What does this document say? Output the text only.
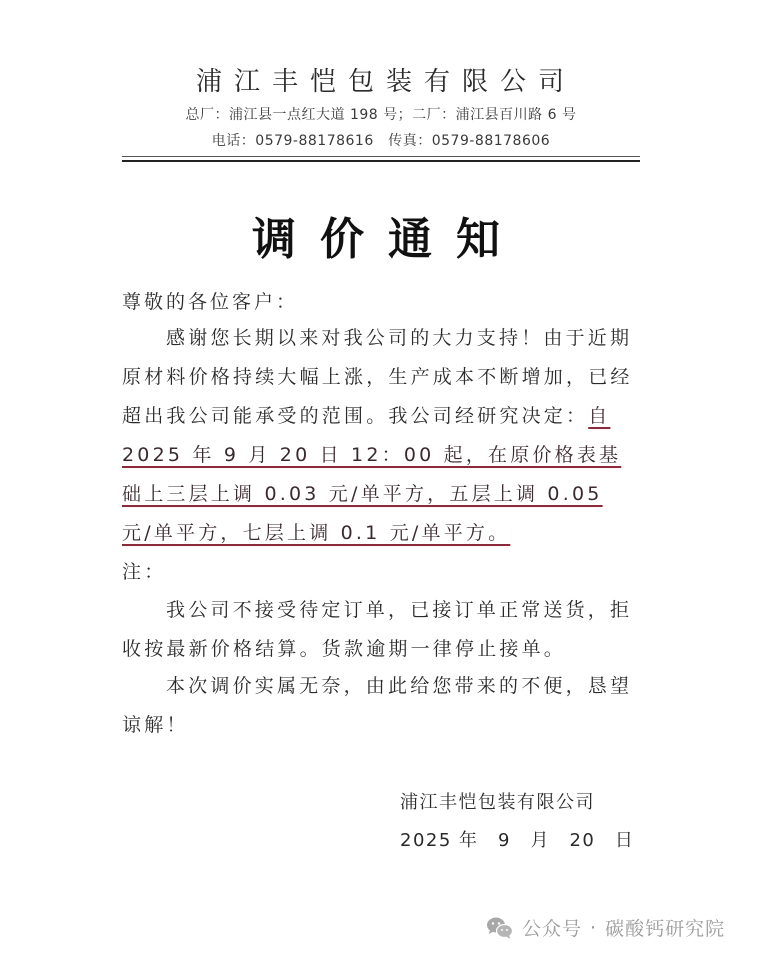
浦江丰恺包装有限公司
总厂：浦江县一点红大道 198 号；二厂：浦江县百川路 6 号
电话：0579-88178616　传真：0579-88178606
调价通知
尊敬的各位客户：
感谢您长期以来对我公司的大力支持！由于近期原材料价格持续大幅上涨，生产成本不断增加，已经超出我公司能承受的范围。我公司经研究决定：自 2025 年 9 月 20 日 12：00 起，在原价格表基础上三层上调 0.03 元/单平方，五层上调 0.05 元/单平方，七层上调 0.1 元/单平方。
注：
我公司不接受待定订单，已接订单正常送货，拒收按最新价格结算。货款逾期一律停止接单。
本次调价实属无奈，由此给您带来的不便，恳望谅解！
浦江丰恺包装有限公司
2025 年　9　月　20　日
公众号 · 碳酸钙研究院
